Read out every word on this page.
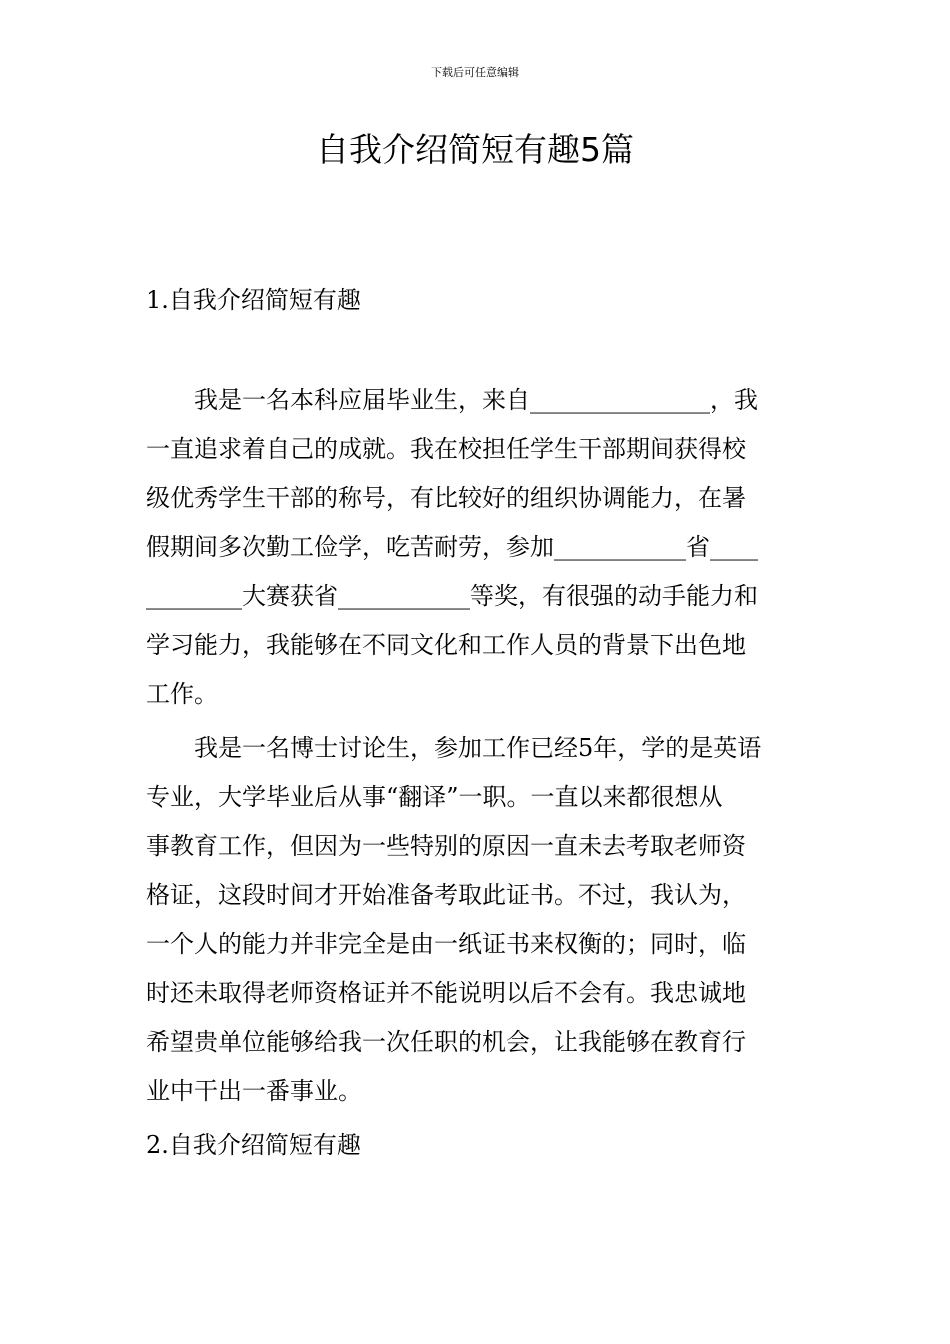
下载后可任意编辑
自我介绍简短有趣5篇
1.自我介绍简短有趣
　　我是一名本科应届毕业生，来自_______________，我
一直追求着自己的成就。我在校担任学生干部期间获得校
级优秀学生干部的称号，有比较好的组织协调能力，在暑
假期间多次勤工俭学，吃苦耐劳，参加___________省____
________大赛获省___________等奖，有很强的动手能力和
学习能力，我能够在不同文化和工作人员的背景下出色地
工作。
　　我是一名博士讨论生，参加工作已经5年，学的是英语
专业，大学毕业后从事“翻译”一职。一直以来都很想从
事教育工作，但因为一些特别的原因一直未去考取老师资
格证，这段时间才开始准备考取此证书。不过，我认为，
一个人的能力并非完全是由一纸证书来权衡的；同时，临
时还未取得老师资格证并不能说明以后不会有。我忠诚地
希望贵单位能够给我一次任职的机会，让我能够在教育行
业中干出一番事业。
2.自我介绍简短有趣
